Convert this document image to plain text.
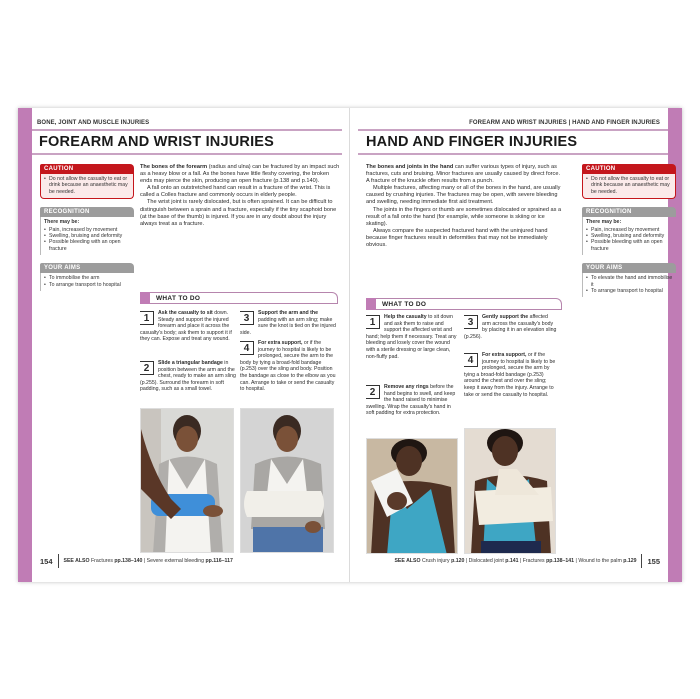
BONE, JOINT AND MUSCLE INJURIES
FOREARM AND WRIST INJURIES
CAUTION
• Do not allow the casualty to eat or drink because an anaesthetic may be needed.
RECOGNITION
There may be:
• Pain, increased by movement
• Swelling, bruising and deformity
• Possible bleeding with an open fracture
YOUR AIMS
• To immobilise the arm
• To arrange transport to hospital

The bones of the forearm (radius and ulna) can be fractured by an impact such as a heavy blow or a fall. As the bones have little fleshy covering, the broken ends may pierce the skin, producing an open fracture (p.138 and p.140).

A fall onto an outstretched hand can result in a fracture of the wrist. This is called a Colles fracture and commonly occurs in elderly people.

The wrist joint is rarely dislocated, but is often sprained. It can be difficult to distinguish between a sprain and a fracture, especially if the tiny scaphoid bone (at the base of the thumb) is injured. If you are in any doubt about the injury always treat as a fracture.

WHAT TO DO
1	Ask the casualty to sit down. Steady and support the injured forearm and place it across the casualty's body; ask them to support it if they can. Expose and treat any wound.
2	Slide a triangular bandage in position between the arm and the chest, ready to make an arm sling (p.255). Surround the forearm in soft padding, such as a small towel.
3	Support the arm and the padding with an arm sling; make sure the knot is tied on the injured side.
4	For extra support, or if the journey to hospital is likely to be prolonged, secure the arm to the body by tying a broad-fold bandage (p.253) over the sling and body. Position the bandage as close to the elbow as you can. Arrange to take or send the casualty to hospital.
154 SEE ALSO
Fractures pp.138–140 | Severe external bleeding pp.116–117
FOREARM AND WRIST INJURIES | HAND AND FINGER INJURIES
HAND AND FINGER INJURIES

The bones and joints in the hand can suffer various types of injury, such as fractures, cuts and bruising. Minor fractures are usually caused by direct force. A fracture of the knuckle often results from a punch.

Multiple fractures, affecting many or all of the bones in the hand, are usually caused by crushing injuries. The fractures may be open, with severe bleeding and swelling, needing immediate first aid treatment.

The joints in the fingers or thumb are sometimes dislocated or sprained as a result of a fall onto the hand (for example, while someone is skiing or ice skating).

Always compare the suspected fractured hand with the uninjured hand because finger fractures result in deformities that may not be immediately obvious.

CAUTION
• Do not allow the casualty to eat or drink because an anaesthetic may be needed.
RECOGNITION
There may be:
• Pain, increased by movement
• Swelling, bruising and deformity
• Possible bleeding with an open fracture
YOUR AIMS
• To elevate the hand and immobilise it
• To arrange transport to hospital
WHAT TO DO
1	Help the casualty to sit down and ask them to raise and support the affected wrist and hand; help them if necessary. Treat any bleeding and losely cover the wound with a sterile dressing or large clean, non-fluffy pad.
2	Remove any rings before the hand begins to swell, and keep the hand raised to minimise swelling. Wrap the casualty's hand in soft padding for extra protection.
3	Gently support the affected arm across the casualty's body by placing it in an elevation sling (p.256).
4	For extra support, or if the journey to hospital is likely to be prolonged, secure the arm by tying a broad-fold bandage (p.253) around the chest and over the sling; keep it away from the injury. Arrange to take or send the casualty to hospital.
SEE ALSO
Crush injury p.120 | Dislocated joint p.141 | Fractures pp.138–141 | Wound to the palm p.129 155
